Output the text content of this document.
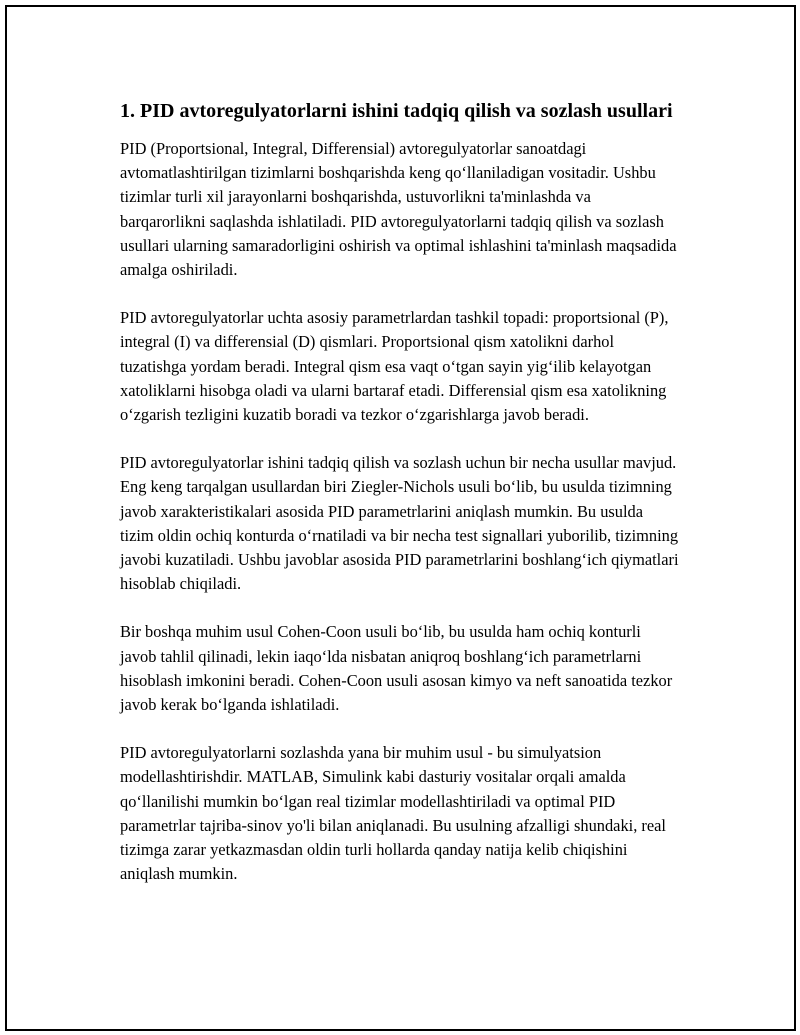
1. PID avtoregulyatorlarni ishini tadqiq qilish va sozlash usullari

PID (Proportsional, Integral, Differensial) avtoregulyatorlar sanoatdagi avtomatlashtirilgan tizimlarni boshqarishda keng qo‘llaniladigan vositadir. Ushbu tizimlar turli xil jarayonlarni boshqarishda, ustuvorlikni ta'minlashda va barqarorlikni saqlashda ishlatiladi. PID avtoregulyatorlarni tadqiq qilish va sozlash usullari ularning samaradorligini oshirish va optimal ishlashini ta'minlash maqsadida amalga oshiriladi.

PID avtoregulyatorlar uchta asosiy parametrlardan tashkil topadi: proportsional (P), integral (I) va differensial (D) qismlari. Proportsional qism xatolikni darhol tuzatishga yordam beradi. Integral qism esa vaqt o‘tgan sayin yig‘ilib kelayotgan xatoliklarni hisobga oladi va ularni bartaraf etadi. Differensial qism esa xatolikning o‘zgarish tezligini kuzatib boradi va tezkor o‘zgarishlarga javob beradi.

PID avtoregulyatorlar ishini tadqiq qilish va sozlash uchun bir necha usullar mavjud. Eng keng tarqalgan usullardan biri Ziegler-Nichols usuli bo‘lib, bu usulda tizimning javob xarakteristikalari asosida PID parametrlarini aniqlash mumkin. Bu usulda tizim oldin ochiq konturda o‘rnatiladi va bir necha test signallari yuborilib, tizimning javobi kuzatiladi. Ushbu javoblar asosida PID parametrlarini boshlang‘ich qiymatlari hisoblab chiqiladi.

Bir boshqa muhim usul Cohen-Coon usuli bo‘lib, bu usulda ham ochiq konturli javob tahlil qilinadi, lekin iaqo‘lda nisbatan aniqroq boshlang‘ich parametrlarni hisoblash imkonini beradi. Cohen-Coon usuli asosan kimyo va neft sanoatida tezkor javob kerak bo‘lganda ishlatiladi.

PID avtoregulyatorlarni sozlashda yana bir muhim usul - bu simulyatsion modellashtirishdir. MATLAB, Simulink kabi dasturiy vositalar orqali amalda qo‘llanilishi mumkin bo‘lgan real tizimlar modellashtiriladi va optimal PID parametrlar tajriba-sinov yo'li bilan aniqlanadi. Bu usulning afzalligi shundaki, real tizimga zarar yetkazmasdan oldin turli hollarda qanday natija kelib chiqishini aniqlash mumkin.
